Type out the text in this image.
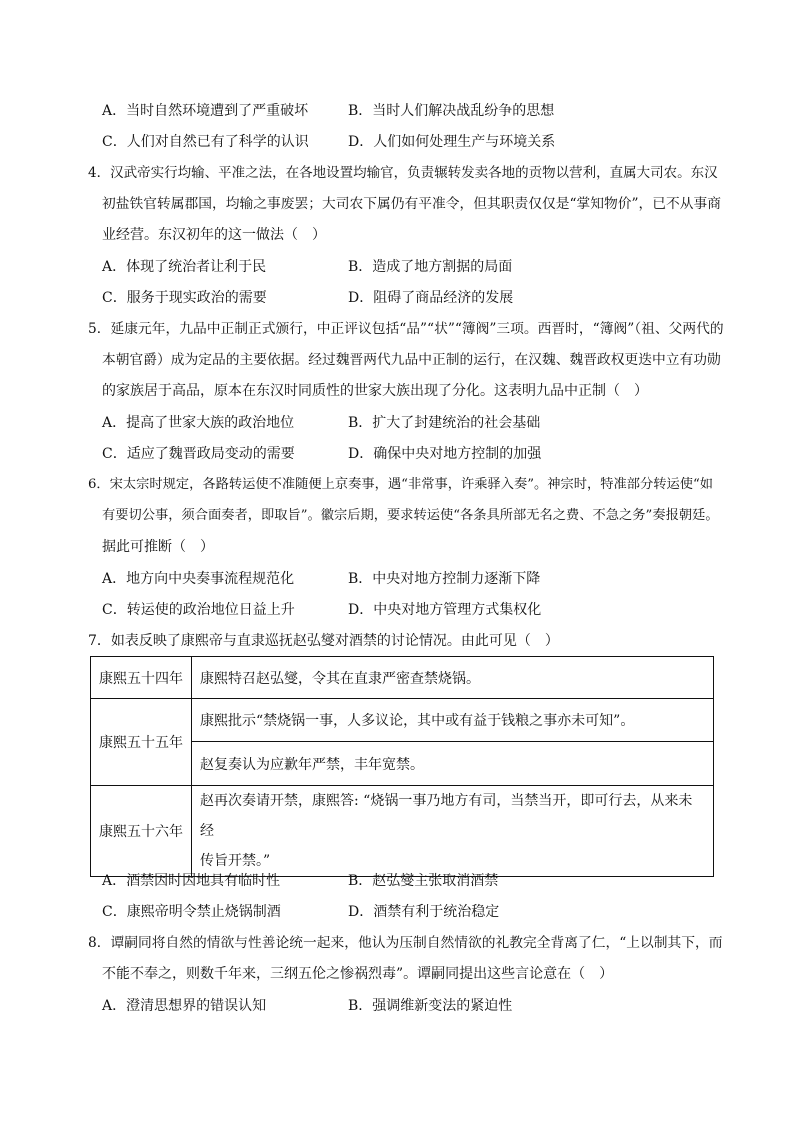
A．当时自然环境遭到了严重破坏	B．当时人们解决战乱纷争的思想
C．人们对自然已有了科学的认识	D．人们如何处理生产与环境关系
4．汉武帝实行均输、平准之法，在各地设置均输官，负责辗转发卖各地的贡物以营利，直属大司农。东汉
初盐铁官转属郡国，均输之事废罢；大司农下属仍有平准令，但其职责仅仅是“掌知物价”，已不从事商
业经营。东汉初年的这一做法（　）
A．体现了统治者让利于民	B．造成了地方割据的局面
C．服务于现实政治的需要	D．阻碍了商品经济的发展
5．延康元年，九品中正制正式颁行，中正评议包括“品”“状”“簿阀”三项。西晋时，“簿阀”（祖、父两代的
本朝官爵）成为定品的主要依据。经过魏晋两代九品中正制的运行，在汉魏、魏晋政权更迭中立有功勋
的家族居于高品，原本在东汉时同质性的世家大族出现了分化。这表明九品中正制（　）
A．提高了世家大族的政治地位	B．扩大了封建统治的社会基础
C．适应了魏晋政局变动的需要	D．确保中央对地方控制的加强
6．宋太宗时规定，各路转运使不准随便上京奏事，遇“非常事，许乘驿入奏”。神宗时，特准部分转运使“如
有要切公事，须合面奏者，即取旨”。徽宗后期，要求转运使“各条具所部无名之费、不急之务”奏报朝廷。
据此可推断（　）
A．地方向中央奏事流程规范化	B．中央对地方控制力逐渐下降
C．转运使的政治地位日益上升	D．中央对地方管理方式集权化
7．如表反映了康熙帝与直隶巡抚赵弘燮对酒禁的讨论情况。由此可见（　）
康熙五十四年	康熙特召赵弘燮，令其在直隶严密查禁烧锅。
康熙五十五年	康熙批示“禁烧锅一事，人多议论，其中或有益于钱粮之事亦未可知”。
	赵复奏认为应歉年严禁，丰年宽禁。
康熙五十六年	赵再次奏请开禁，康熙答: “烧锅一事乃地方有司，当禁当开，即可行去，从来未经
传旨开禁。”
A．酒禁因时因地具有临时性	B．赵弘燮主张取消酒禁
C．康熙帝明令禁止烧锅制酒	D．酒禁有利于统治稳定
8．谭嗣同将自然的情欲与性善论统一起来，他认为压制自然情欲的礼教完全背离了仁，“上以制其下，而
不能不奉之，则数千年来，三纲五伦之惨祸烈毒”。谭嗣同提出这些言论意在（　）
A．澄清思想界的错误认知	B．强调维新变法的紧迫性
